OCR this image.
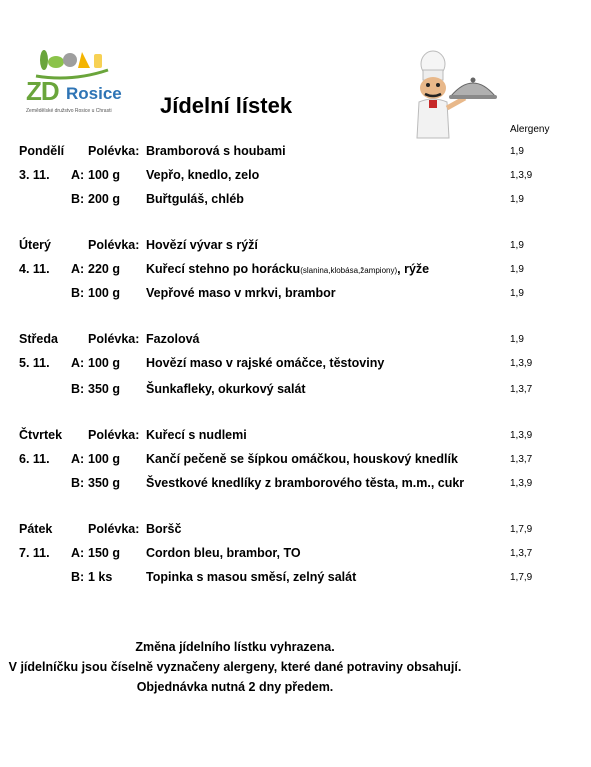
ZD Rosice
Zemědělské družstvo Rosice u Chrasti Jídelní lístek
Alergeny
Pondělí Polévka: Bramborová s houbami	1,9
3. 11. A: 100 g Vepřo, knedlo, zelo	1,3,9
B: 200 g Buřtguláš, chléb	1,9
Úterý	Polévka: Hovězí vývar s rýží	1,9
4. 11. A: 220 g Kuřecí stehno po horácku(slanina,klobása,žampiony), rýže	1,9
B: 100 g Vepřové maso v mrkvi, brambor	1,9
Středa Polévka: Fazolová	1,9
5. 11. A: 100 g Hovězí maso v rajské omáčce, těstoviny	1,3,9
B: 350 g Šunkafleky, okurkový salát	1,3,7
Čtvrtek Polévka: Kuřecí s nudlemi	1,3,9
6. 11. A: 100 g Kančí pečeně se šípkou omáčkou, houskový knedlík	1,3,7
B: 350 g Švestkové knedlíky z bramborového těsta, m.m., cukr	1,3,9
Pátek	Polévka: Boršč	1,7,9
7. 11. A: 150 g Cordon bleu, brambor, TO	1,3,7
B: 1 ks	Topinka s masou směsí, zelný salát	1,7,9
Změna jídelního lístku vyhrazena.
V jídelníčku jsou číselně vyznačeny alergeny, které dané potraviny obsahují.
Objednávka nutná 2 dny předem.
